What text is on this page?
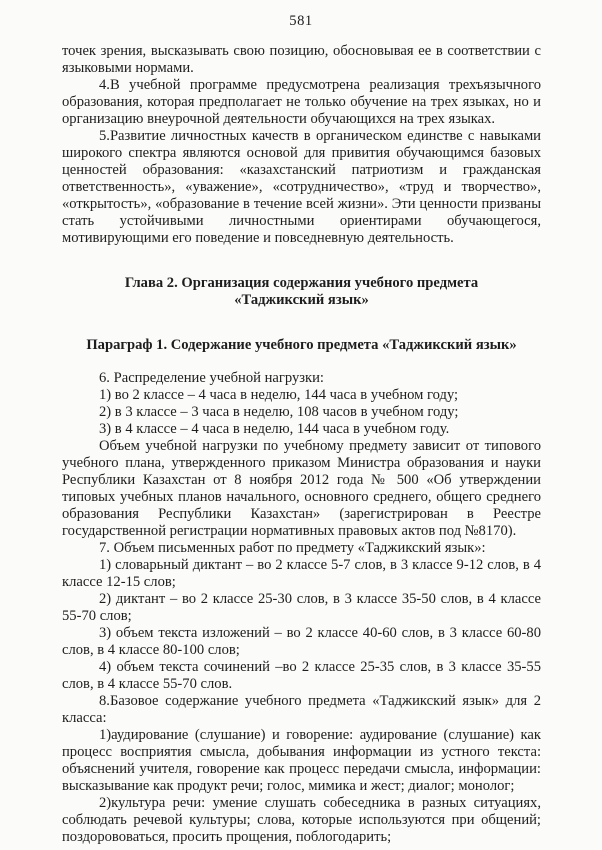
581

точек зрения, высказывать свою позицию, обосновывая ее в соответствии с языковыми нормами.

4.В учебной программе предусмотрена реализация трехъязычного образования, которая предполагает не только обучение на трех языках, но и организацию внеурочной деятельности обучающихся на трех языках.

5.Развитие личностных качеств в органическом единстве с навыками широкого спектра являются основой для привития обучающимся базовых ценностей образования: «казахстанский патриотизм и гражданская ответственность», «уважение», «сотрудничество», «труд и творчество», «открытость», «образование в течение всей жизни». Эти ценности призваны стать устойчивыми личностными ориентирами обучающегося, мотивирующими его поведение и повседневную деятельность.

Глава 2. Организация содержания учебного предмета

«Таджикский язык»

Параграф 1. Содержание учебного предмета «Таджикский язык»

6. Распределение учебной нагрузки:

1) во 2 классе – 4 часа в неделю, 144 часа в учебном году;

2) в 3 классе – 3 часа в неделю, 108 часов в учебном году;

3) в 4 классе – 4 часа в неделю, 144 часа в учебном году.

Объем учебной нагрузки по учебному предмету зависит от типового учебного плана, утвержденного приказом Министра образования и науки Республики Казахстан от 8 ноября 2012 года № 500 «Об утверждении типовых учебных планов начального, основного среднего, общего среднего образования Республики Казахстан» (зарегистрирован в Реестре государственной регистрации нормативных правовых актов под №8170).

7. Объем письменных работ по предмету «Таджикский язык»:

1) словарьный диктант – во 2 классе 5-7 слов, в 3 классе 9-12 слов, в 4 классе 12-15 слов;

2) диктант – во 2 классе 25-30 слов, в 3 классе 35-50 слов, в 4 классе 55-70 слов;

3) объем текста изложений – во 2 классе 40-60 слов, в 3 классе 60-80 слов, в 4 классе 80-100 слов;

4) объем текста сочинений –во 2 классе 25-35 слов, в 3 классе 35-55 слов, в 4 классе 55-70 слов.

8.Базовое содержание учебного предмета «Таджикский язык» для 2 класса:

1)аудирование (слушание) и говорение: аудирование (слушание) как процесс восприятия смысла, добывания информации из устного текста: объяснений учителя, говорение как процесс передачи смысла, информации: высказывание как продукт речи; голос, мимика и жест; диалог; монолог;

2)культура речи: умение слушать собеседника в разных ситуациях, соблюдать речевой культуры; слова, которые используются при общений; поздорововаться, просить прощения, поблогодарить;
